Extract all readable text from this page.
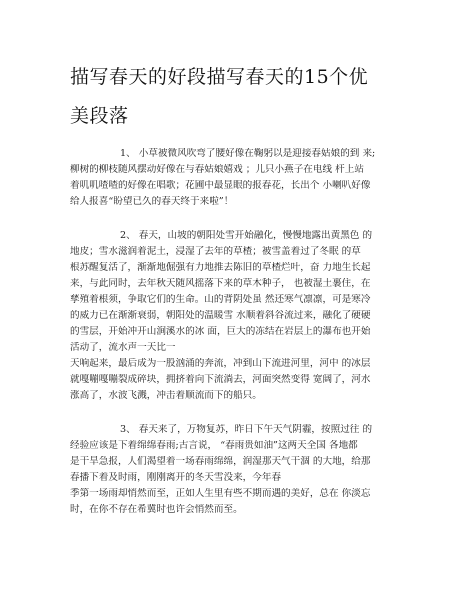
描写春天的好段描写春天的15个优
美段落
1、 小草被微风吹弯了腰好像在鞠躬以是迎接春姑娘的到 来;
柳树的柳枝随风摆动好像在与春姑娘嬉戏 ；儿只小燕子在电线 杆上站
着叽叽喳喳的好像在唱歌；花圃中最显眼的报春花，长出个 小喇叭好像
给人报喜“盼望已久的春天终于来啦”！
2、 春天，山坡的朝阳处雪开始融化，慢慢地露出黄黑色 的
地皮；雪水滋润着泥土，浸湿了去年的草楂；被雪盖着过了冬眠 的草
根苏醒复活了，渐渐地倔强有力地推去陈旧的草楂烂叶，奋 力地生长起
来，与此同时，去年秋天随风摇落下来的草木种子， 也被湿土裹住，在
孳殖着根须，争取它们的生命。山的背阴处虽 然还寒气凛凛，可是寒冷
的威力已在渐渐衰弱，朝阳处的温暖雪 水顺着斜谷流过来，融化了硬硬
的雪层，开始冲开山涧溪水的冰 面，巨大的冻结在岩层上的瀑布也开始
活动了，流水声一天比一
天响起来，最后成为一股汹涌的奔流，冲到山下流进河里，河中 的冰层
就嘎嘣嘎嘣裂成碎块，拥挤着向下流淌去，河面突然变得 宽阔了，河水
涨高了，水波飞溅，冲击着顺流而下的船只。
3、 春天来了，万物复苏，昨日下午天气阴霾，按照过往 的
经验应该是下着绵绵春雨;古言说， “春雨贵如油”这两天全国 各地都
是干旱急报，人们渴望着一场春雨绵绵，润湿那天气干涸 的大地，给那
春播下着及时雨，刚刚离开的冬天雪没来，今年春
季第一场雨却悄然而至，正如人生里有些不期而遇的美好，总在 你淡忘
时，在你不存在希冀时也许会悄然而至。
